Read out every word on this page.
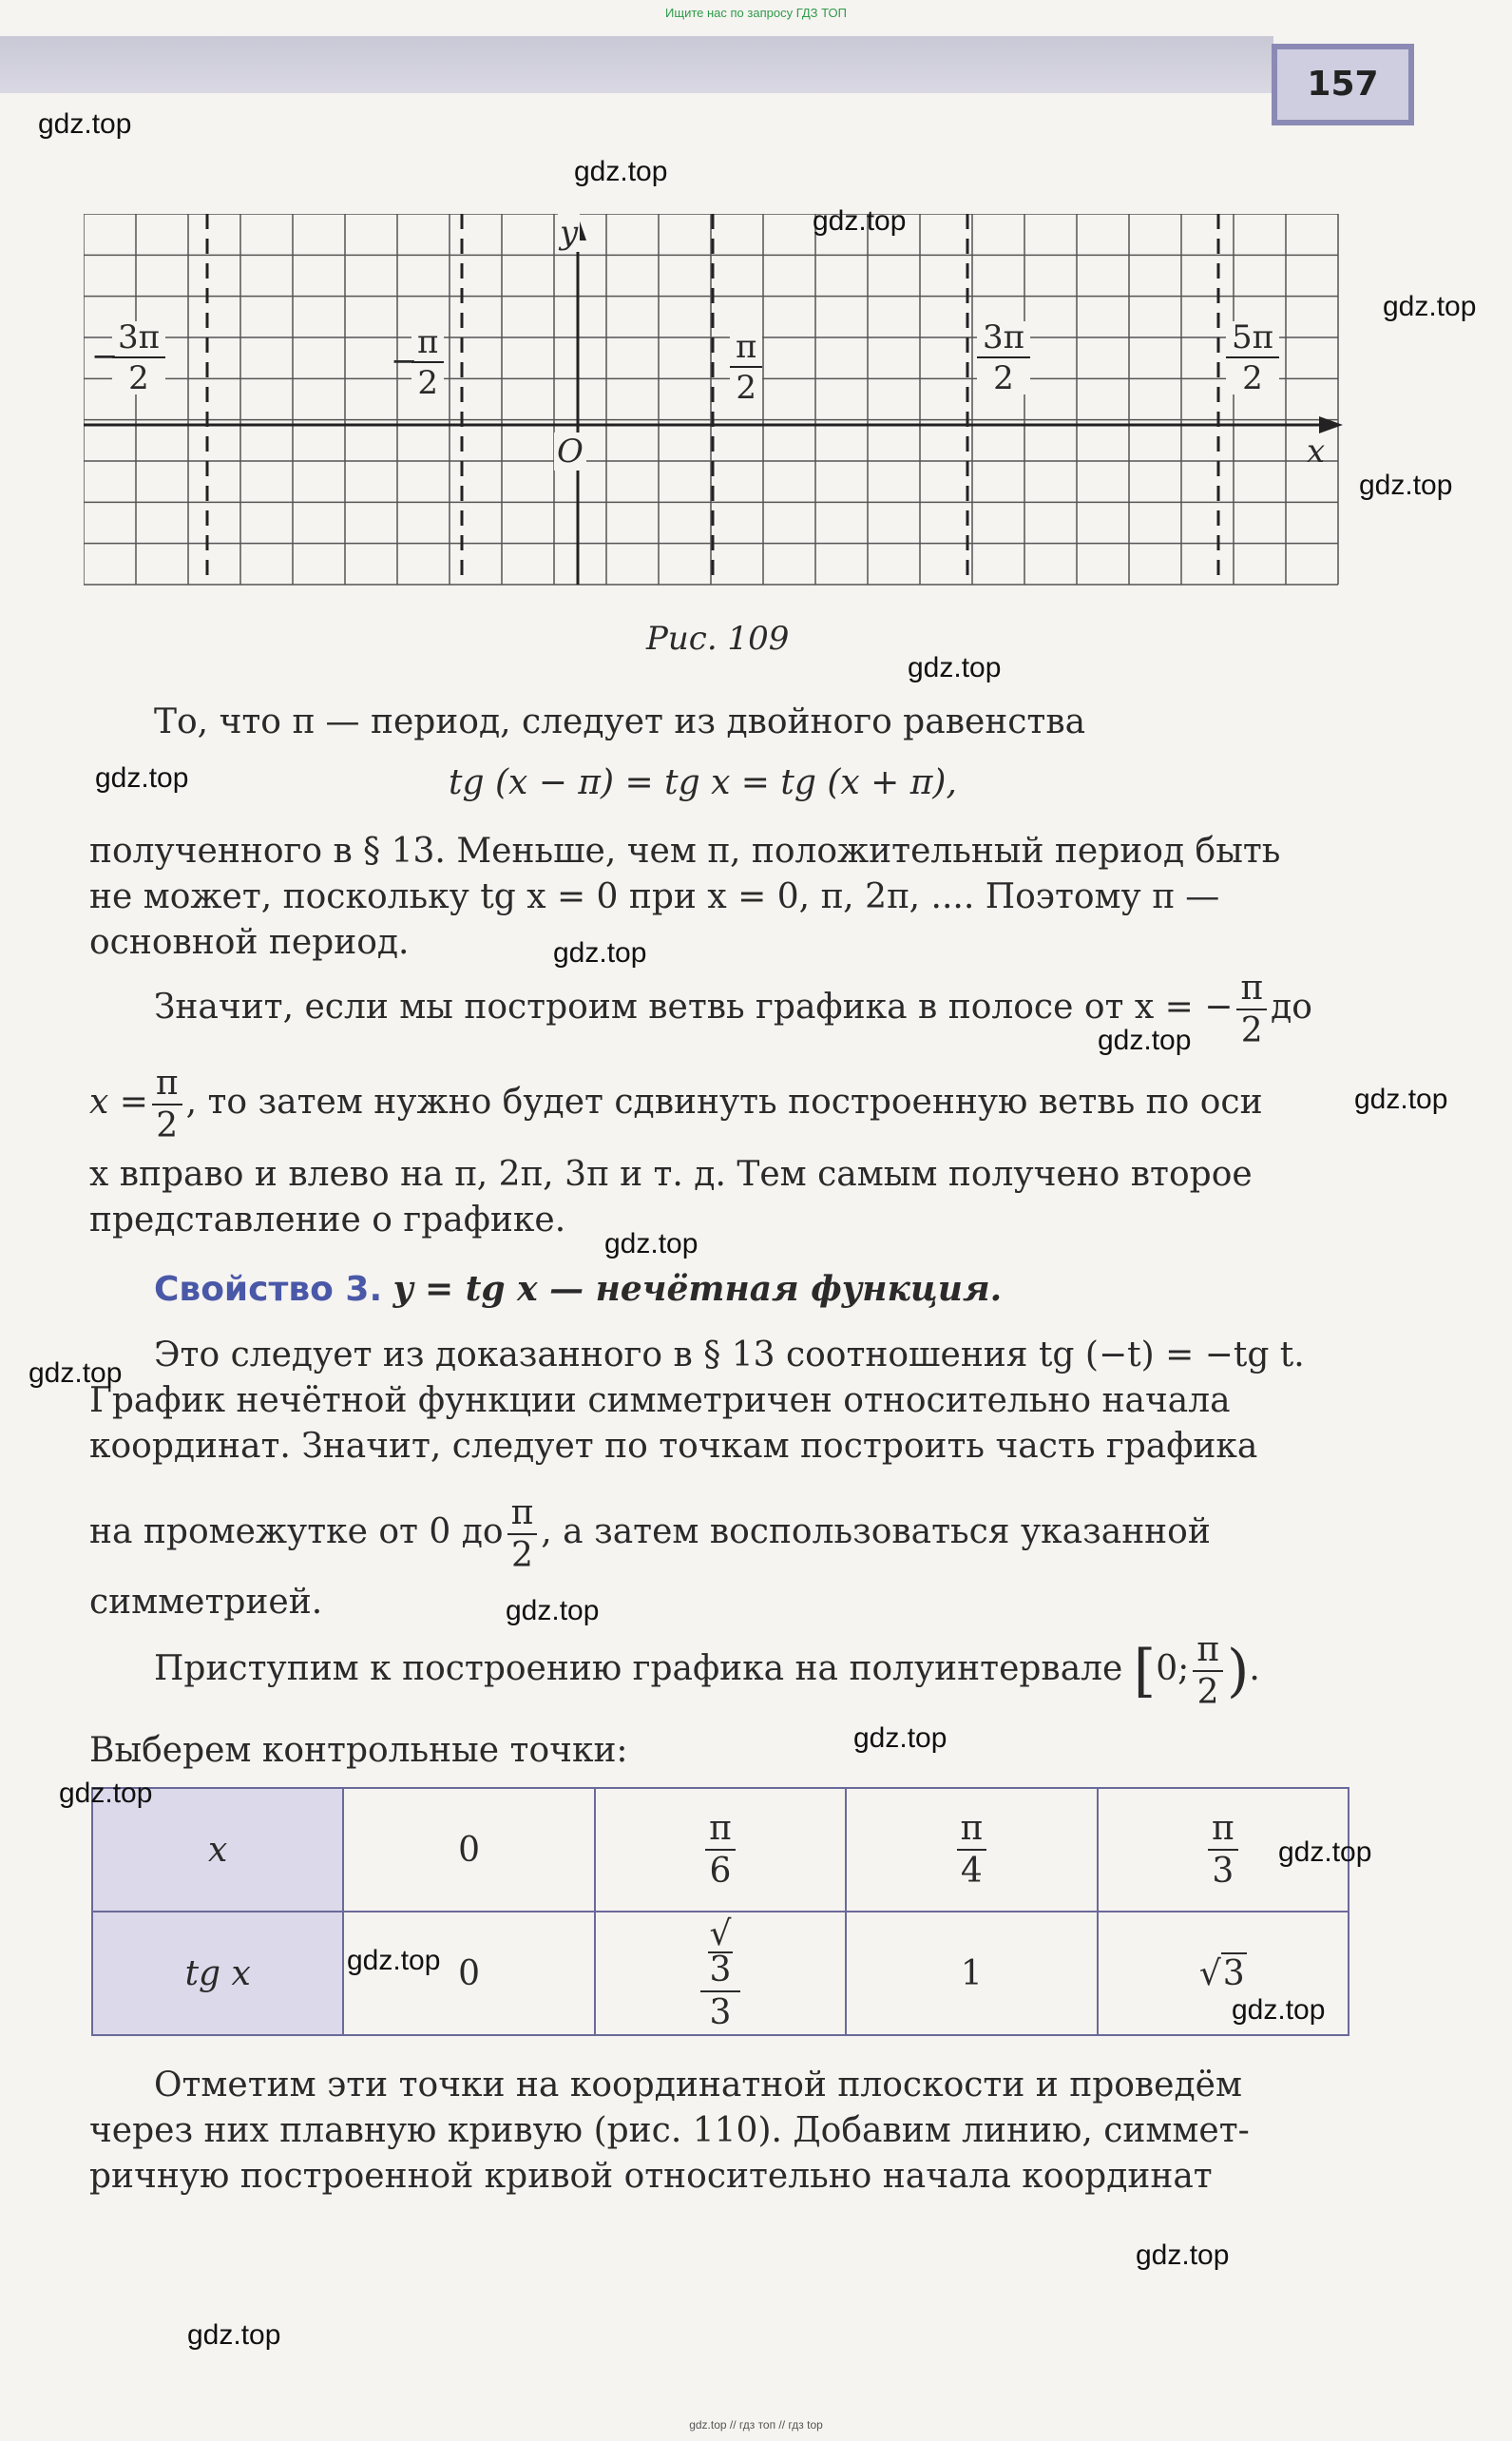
Ищите нас по запросу ГДЗ ТОП
157
y
x
O
− 3π
2	− π
2
π
2
3π
2
5π
2
Рис. 109
То, что π — период, следует из двойного равенства
tg (x − π) = tg x = tg (x + π),
полученного в § 13. Меньше, чем π, положительный период быть
не может, поскольку tg x = 0 при x = 0, π, 2π, .... Поэтому π —
основной период.
Значит, если мы построим ветвь графика в полосе от x = − $\frac{\pi}{2}$ до
$x = \frac{\pi}{2}$ , то затем нужно будет сдвинуть построенную ветвь по оси
x вправо и влево на π, 2π, 3π и т. д. Тем самым получено второе
представление о графике.
Свойство 3. y = tg x — нечётная функция.
Это следует из доказанного в § 13 соотношения tg (−t) = −tg t.
График нечётной функции симметричен относительно начала
координат. Значит, следует по точкам построить часть графика
на промежутке от 0 до $\frac{\pi}{2}$ , а затем воспользоваться указанной
симметрией.
Приступим к построению графика на полуинтервале [0; $\frac{\pi}{2}$ ).
Выберем контрольные точки:
x	0	$\frac{\pi}{6}$	$\frac{\pi}{4}$	$\frac{\pi}{3}$

tg x	0	√
3
3	1	√3
Отметим эти точки на координатной плоскости и проведём
через них плавную кривую (рис. 110). Добавим линию, симмет-
ричную построенной кривой относительно начала координат
gdz.top
gdz.top
gdz.top
gdz.top
gdz.top
gdz.top
gdz.top
gdz.top
gdz.top
gdz.top
gdz.top
gdz.top
gdz.top
gdz.top
gdz.top
gdz.top
gdz.top
gdz.top
gdz.top
gdz.top
gdz.top // гдз топ // гдз top
